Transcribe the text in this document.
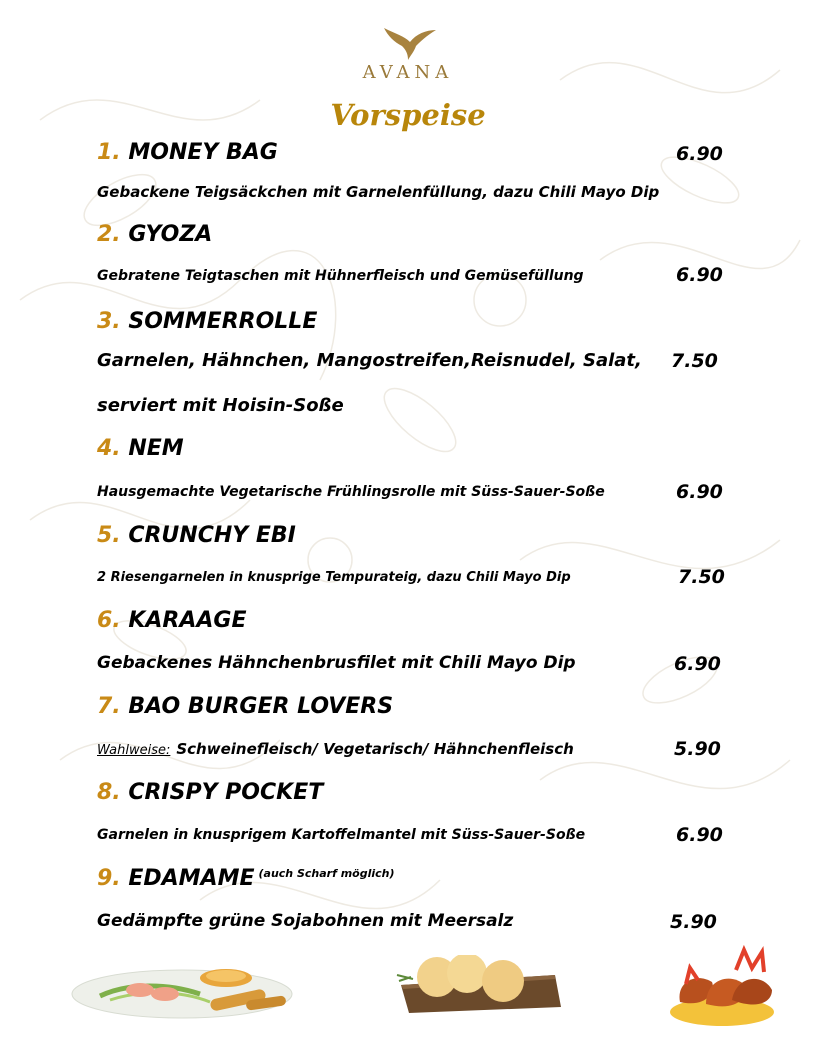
AVANA
Vorspeise
1. MONEY BAG	6.90
Gebackene Teigsäckchen mit Garnelenfüllung, dazu Chili Mayo Dip
2. GYOZA
Gebratene Teigtaschen mit Hühnerfleisch und Gemüsefüllung	6.90
3. SOMMERROLLE
Garnelen, Hähnchen, Mangostreifen,Reisnudel, Salat, 7.50
serviert mit Hoisin-Soße
4. NEM
Hausgemachte Vegetarische Frühlingsrolle mit Süss-Sauer-Soße	6.90
5. CRUNCHY EBI
2 Riesengarnelen in knusprige Tempurateig, dazu Chili Mayo Dip	7.50
6. KARAAGE
Gebackenes Hähnchenbrusfilet mit Chili Mayo Dip	6.90
7. BAO BURGER LOVERS
Wahlweise: Schweinefleisch/ Vegetarisch/ Hähnchenfleisch	5.90
8. CRISPY POCKET
Garnelen in knusprigem Kartoffelmantel mit Süss-Sauer-Soße	6.90
9. EDAMAME $^{(auch Scharf möglich)}$
Gedämpfte grüne Sojabohnen mit Meersalz	5.90
